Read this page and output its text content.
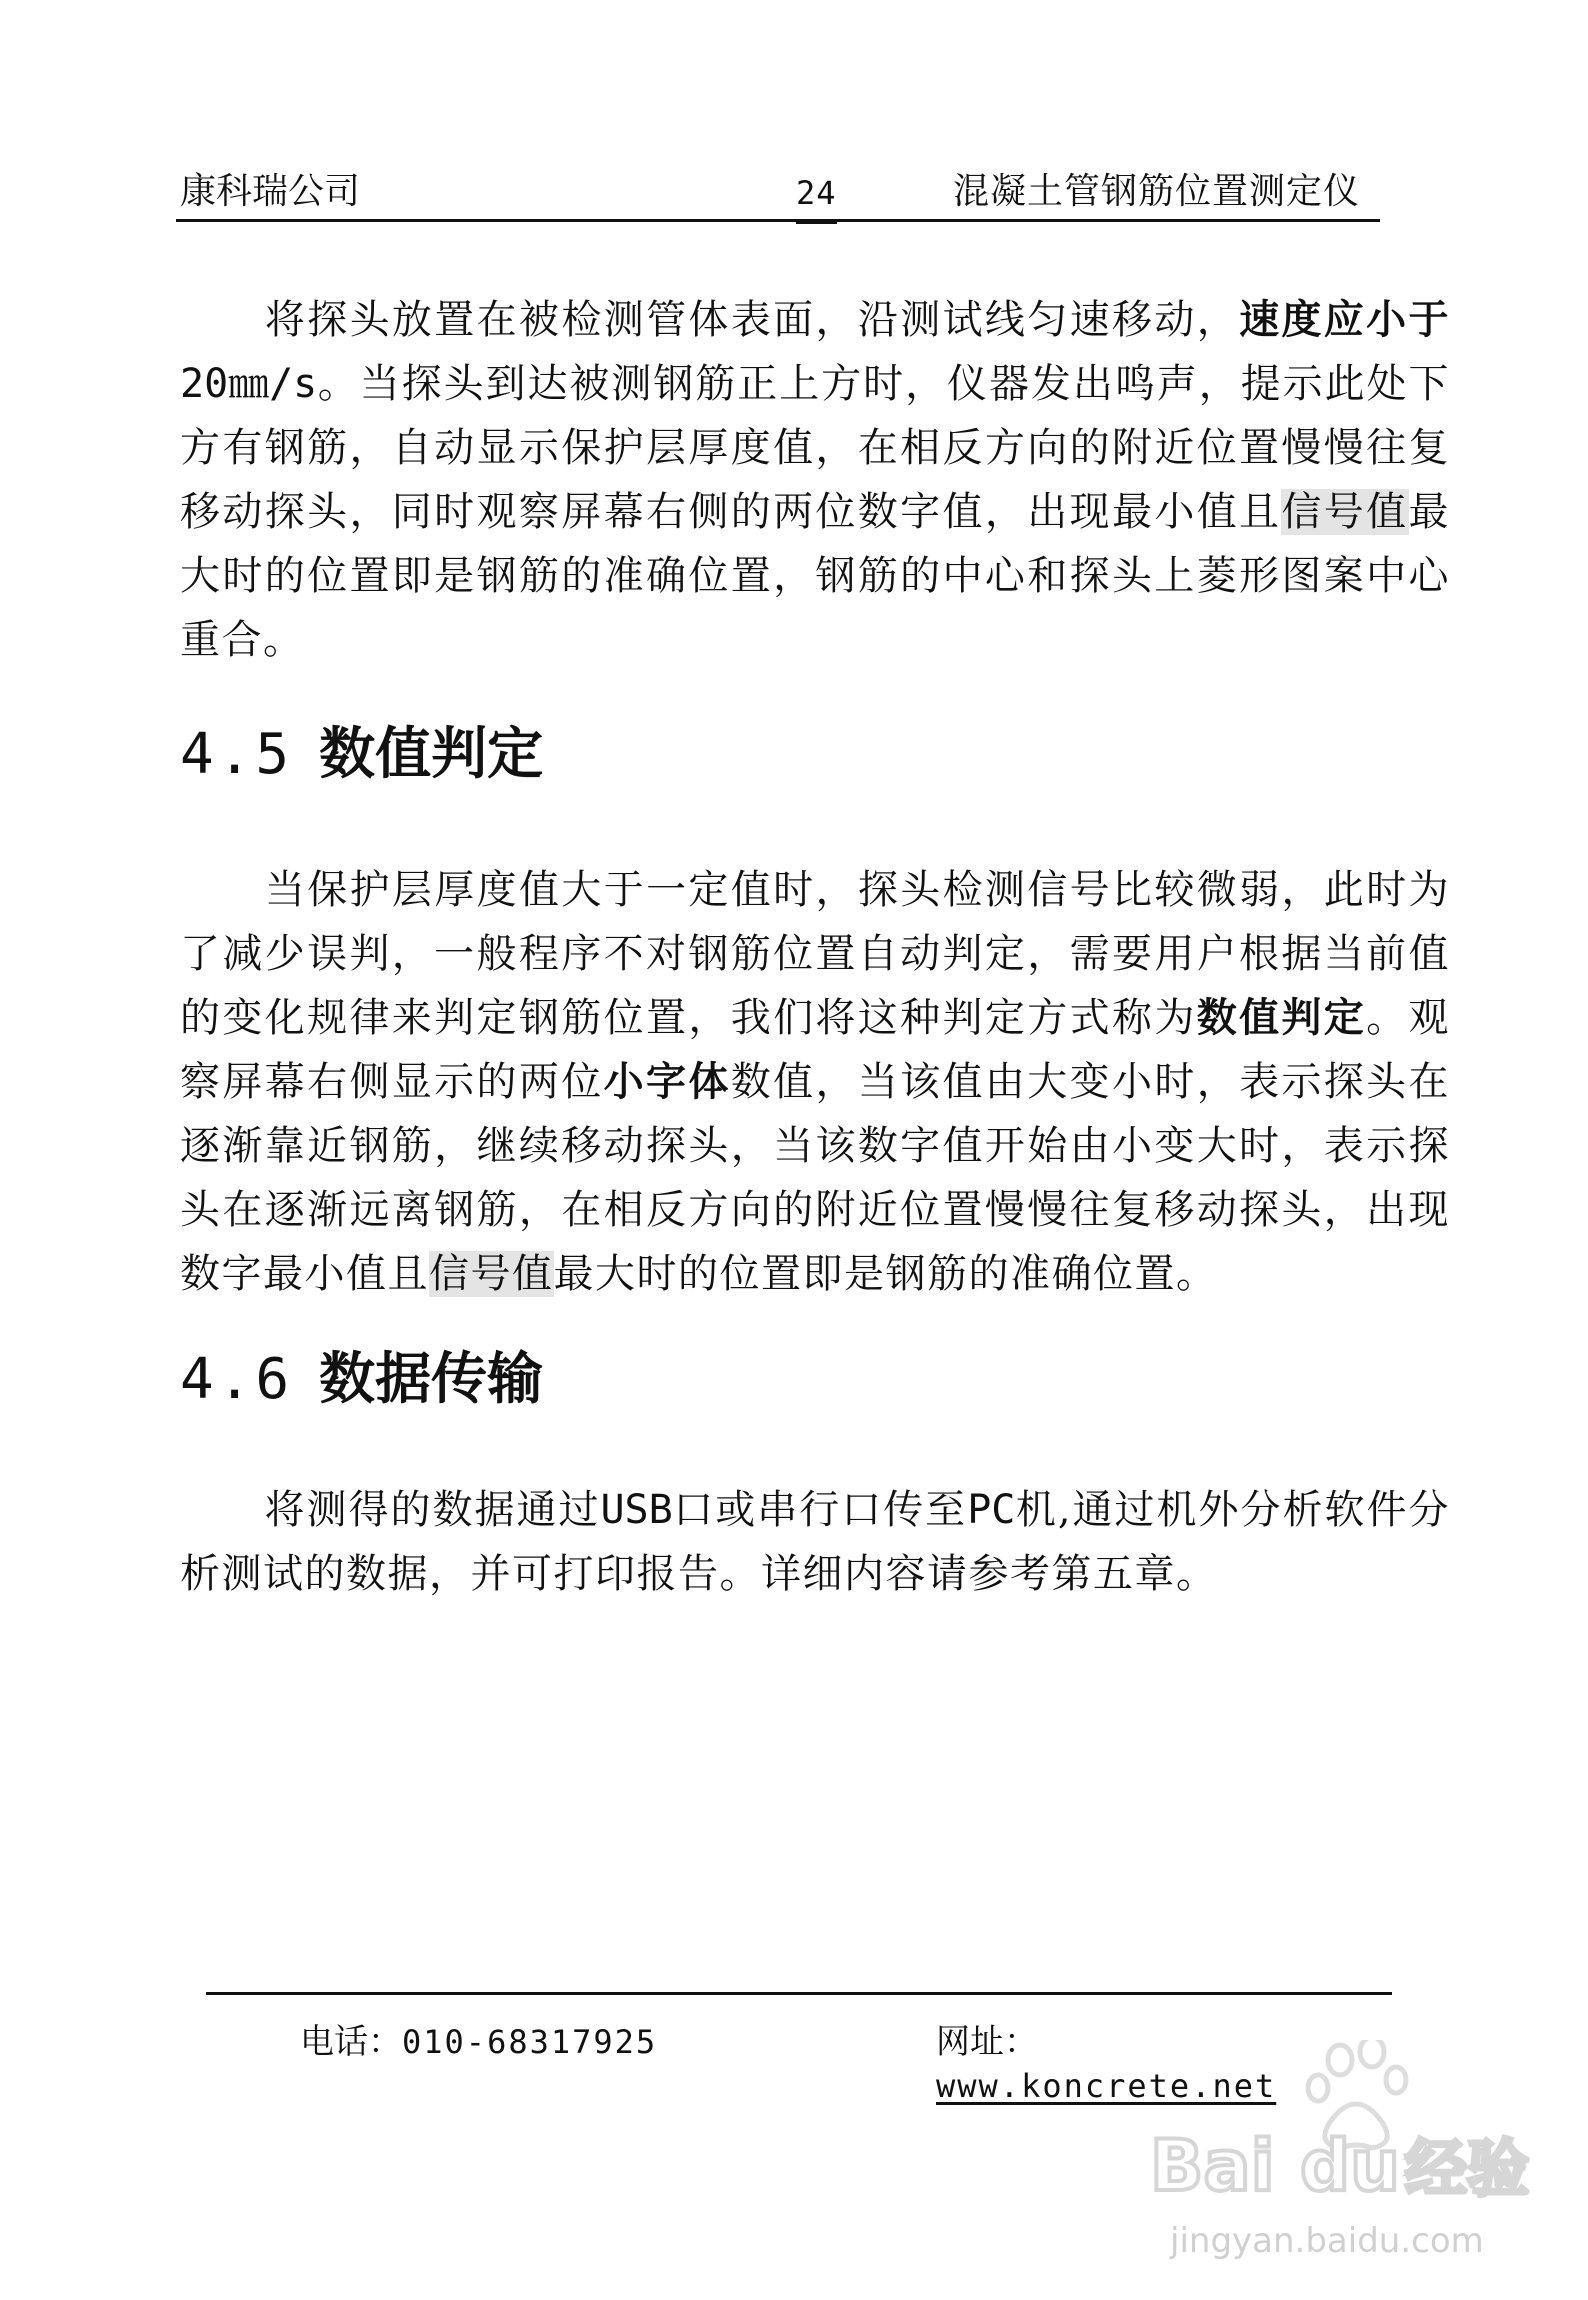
康科瑞公司	24	混凝土管钢筋位置测定仪

将探头放置在被检测管体表面，沿测试线匀速移动，速度应小于20㎜/s。当探头到达被测钢筋正上方时，仪器发出鸣声，提示此处下方有钢筋，自动显示保护层厚度值，在相反方向的附近位置慢慢往复移动探头，同时观察屏幕右侧的两位数字值，出现最小值且信号值最大时的位置即是钢筋的准确位置，钢筋的中心和探头上菱形图案中心重合。

4.5 数值判定

当保护层厚度值大于一定值时，探头检测信号比较微弱，此时为了减少误判，一般程序不对钢筋位置自动判定，需要用户根据当前值的变化规律来判定钢筋位置，我们将这种判定方式称为数值判定。观察屏幕右侧显示的两位小字体数值，当该值由大变小时，表示探头在逐渐靠近钢筋，继续移动探头，当该数字值开始由小变大时，表示探头在逐渐远离钢筋，在相反方向的附近位置慢慢往复移动探头，出现数字最小值且信号值最大时的位置即是钢筋的准确位置。

4.6 数据传输

将测得的数据通过USB口或串行口传至PC机,通过机外分析软件分析测试的数据，并可打印报告。详细内容请参考第五章。

电话：010-68317925	网址：www.koncrete.net
Bai du 经验
jingyan.baidu.com
